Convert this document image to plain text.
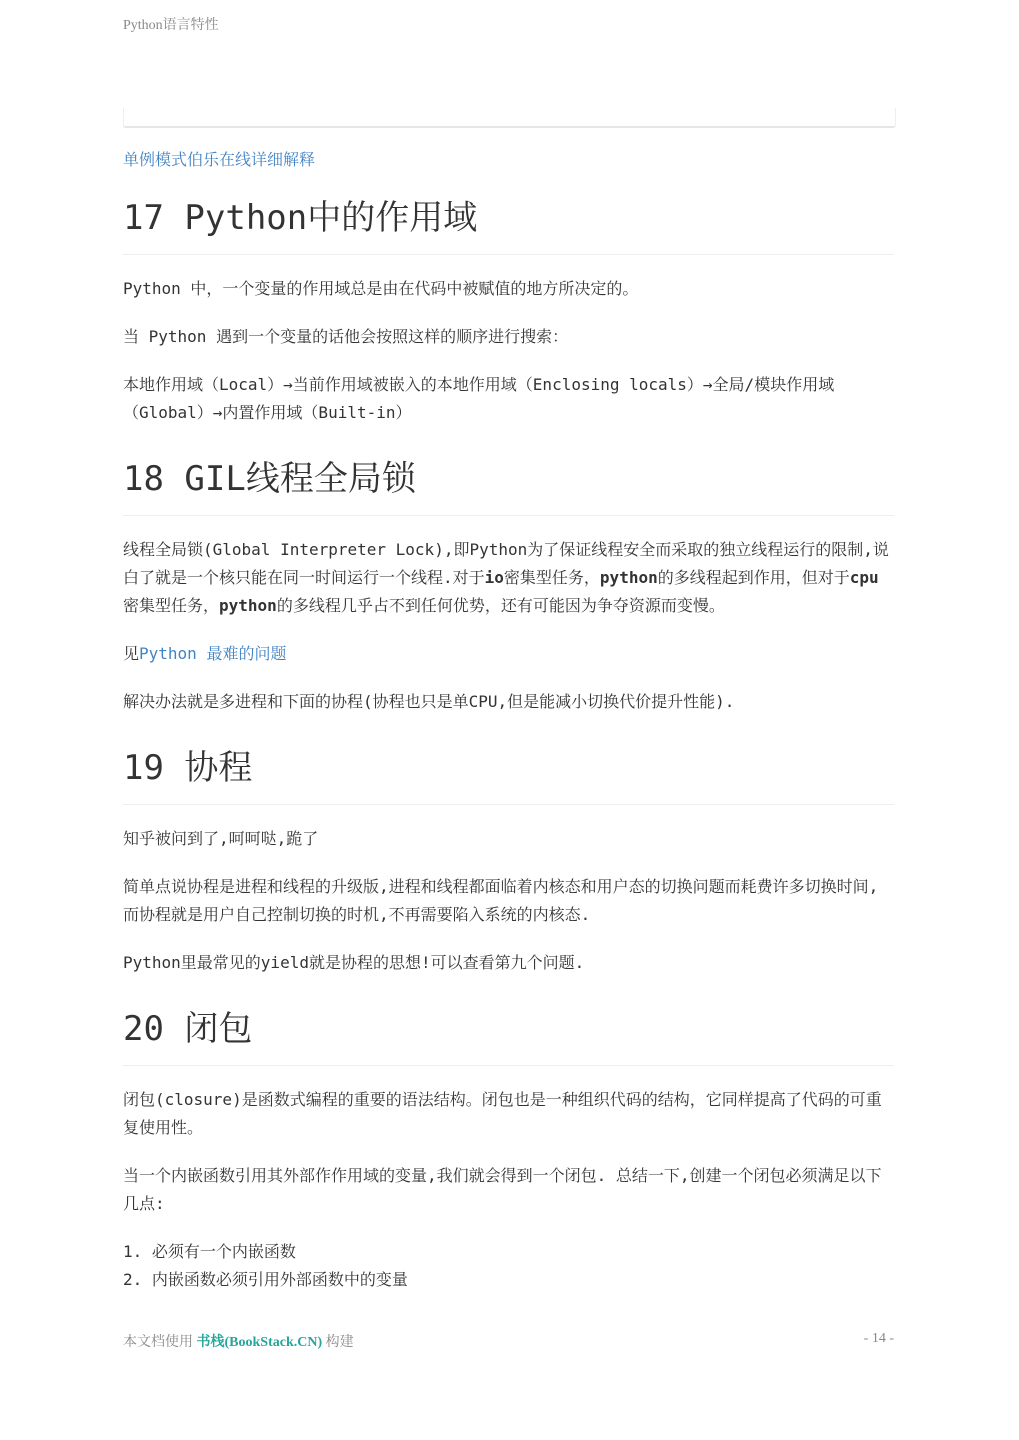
Python语言特性
单例模式伯乐在线详细解释
17 Python中的作用域

Python 中，一个变量的作用域总是由在代码中被赋值的地方所决定的。

当 Python 遇到一个变量的话他会按照这样的顺序进行搜索：

本地作用域（Local）→当前作用域被嵌入的本地作用域（Enclosing locals）→全局/模块作用域（Global）→内置作用域（Built-in）

18 GIL线程全局锁

线程全局锁(Global Interpreter Lock),即Python为了保证线程安全而采取的独立线程运行的限制,说白了就是一个核只能在同一时间运行一个线程.对于io密集型任务，python的多线程起到作用，但对于cpu密集型任务，python的多线程几乎占不到任何优势，还有可能因为争夺资源而变慢。

见Python 最难的问题

解决办法就是多进程和下面的协程(协程也只是单CPU,但是能减小切换代价提升性能).

19 协程

知乎被问到了,呵呵哒,跪了

简单点说协程是进程和线程的升级版,进程和线程都面临着内核态和用户态的切换问题而耗费许多切换时间,而协程就是用户自己控制切换的时机,不再需要陷入系统的内核态.

Python里最常见的yield就是协程的思想!可以查看第九个问题.

20 闭包

闭包(closure)是函数式编程的重要的语法结构。闭包也是一种组织代码的结构，它同样提高了代码的可重复使用性。

当一个内嵌函数引用其外部作作用域的变量,我们就会得到一个闭包. 总结一下,创建一个闭包必须满足以下几点:

1. 必须有一个内嵌函数
2. 内嵌函数必须引用外部函数中的变量
本文档使用 书栈(BookStack.CN) 构建	- 14 -
